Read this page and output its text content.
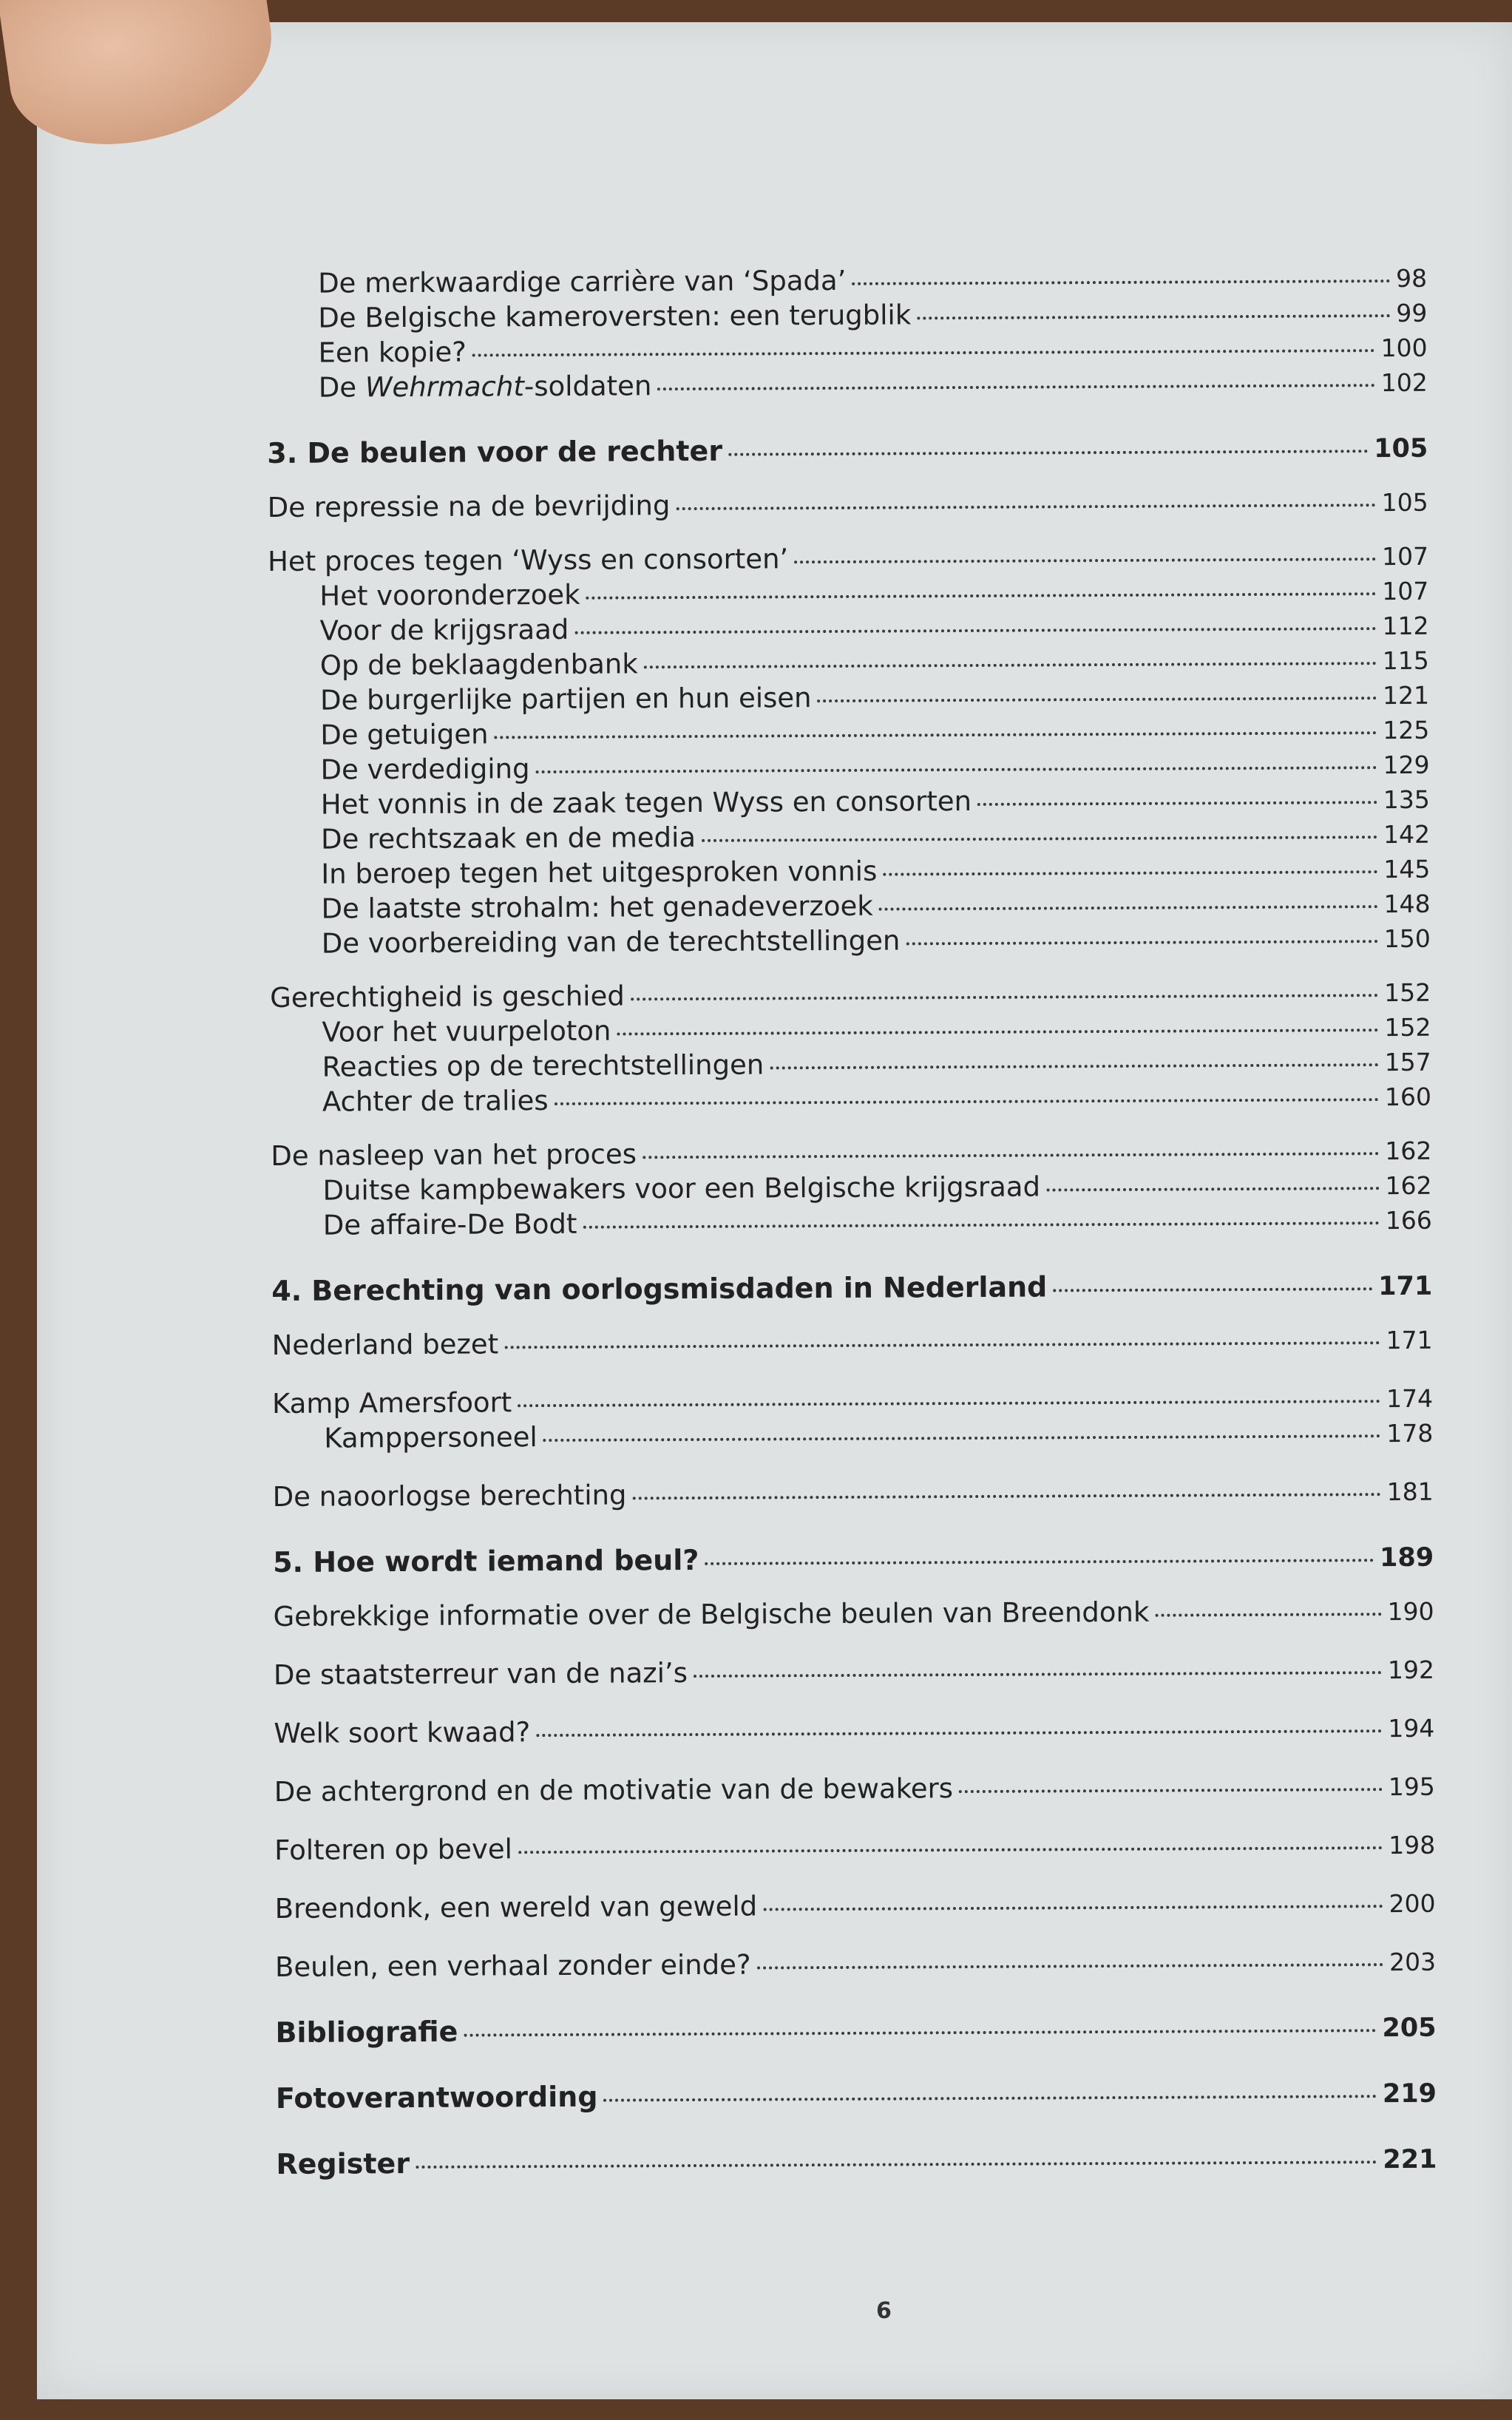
De merkwaardige carrière van ‘Spada’	98
De Belgische kameroversten: een terugblik	99
Een kopie?	100
De Wehrmacht-soldaten	102
3. De beulen voor de rechter	105
De repressie na de bevrijding	105
Het proces tegen ‘Wyss en consorten’	107
Het vooronderzoek	107
Voor de krijgsraad	112
Op de beklaagdenbank	115
De burgerlijke partijen en hun eisen	121
De getuigen	125
De verdediging	129
Het vonnis in de zaak tegen Wyss en consorten	135
De rechtszaak en de media	142
In beroep tegen het uitgesproken vonnis	145
De laatste strohalm: het genadeverzoek	148
De voorbereiding van de terechtstellingen	150
Gerechtigheid is geschied	152
Voor het vuurpeloton	152
Reacties op de terechtstellingen	157
Achter de tralies	160
De nasleep van het proces	162
Duitse kampbewakers voor een Belgische krijgsraad	162
De affaire-De Bodt	166
4. Berechting van oorlogsmisdaden in Nederland	171
Nederland bezet	171
Kamp Amersfoort	174
Kamppersoneel	178
De naoorlogse berechting	181
5. Hoe wordt iemand beul?	189
Gebrekkige informatie over de Belgische beulen van Breendonk	190
De staatsterreur van de nazi’s	192
Welk soort kwaad?	194
De achtergrond en de motivatie van de bewakers	195
Folteren op bevel	198
Breendonk, een wereld van geweld	200
Beulen, een verhaal zonder einde?	203
Bibliografie	205
Fotoverantwoording	219
Register	221
6
